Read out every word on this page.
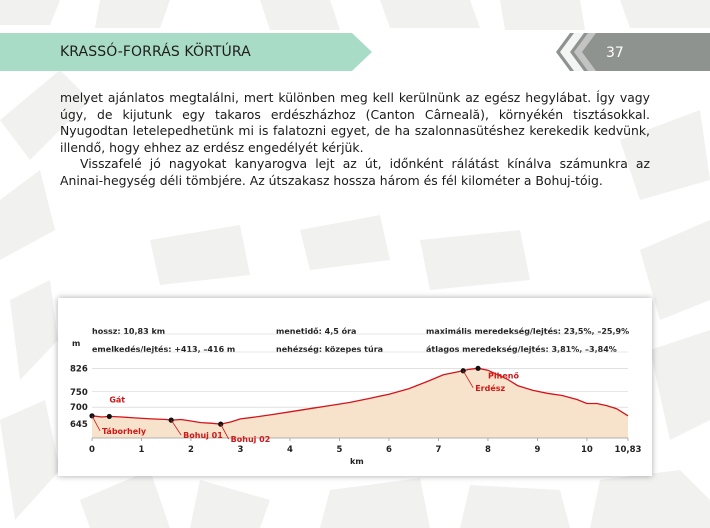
KRASSÓ-FORRÁS KÖRTÚRA	37

melyet ajánlatos megtalálni, mert különben meg kell kerülnünk az egész hegylábat. Így vagy úgy, de kijutunk egy takaros erdészházhoz (Canton Cârneală), környékén tisztásokkal. Nyugodtan letelepedhetünk mi is falatozni egyet, de ha szalonnasütéshez kerekedik kedvünk, illendő, hogy ehhez az erdész engedélyét kérjük.

Visszafelé jó nagyokat kanyarogva lejt az út, időnként rálátást kínálva számunkra az Aninai-hegység déli tömbjére. Az útszakasz hossza három és fél kilométer a Bohuj-tóig.

hossz: 10,83 km
emelkedés/lejtés: +413, –416 m
menetidő: 4,5 óra
nehézség: közepes túra
maximális meredekség/lejtés: 23,5%, –25,9%
átlagos meredekség/lejtés: 3,81%, –3,84%
m
km
826
750
700
645
0	1	2	3	4	5	6	7	8	9	10	10,83
Gát
Táborhely	Bohuj 01 Bohuj 02
Erdész
Pihenő
